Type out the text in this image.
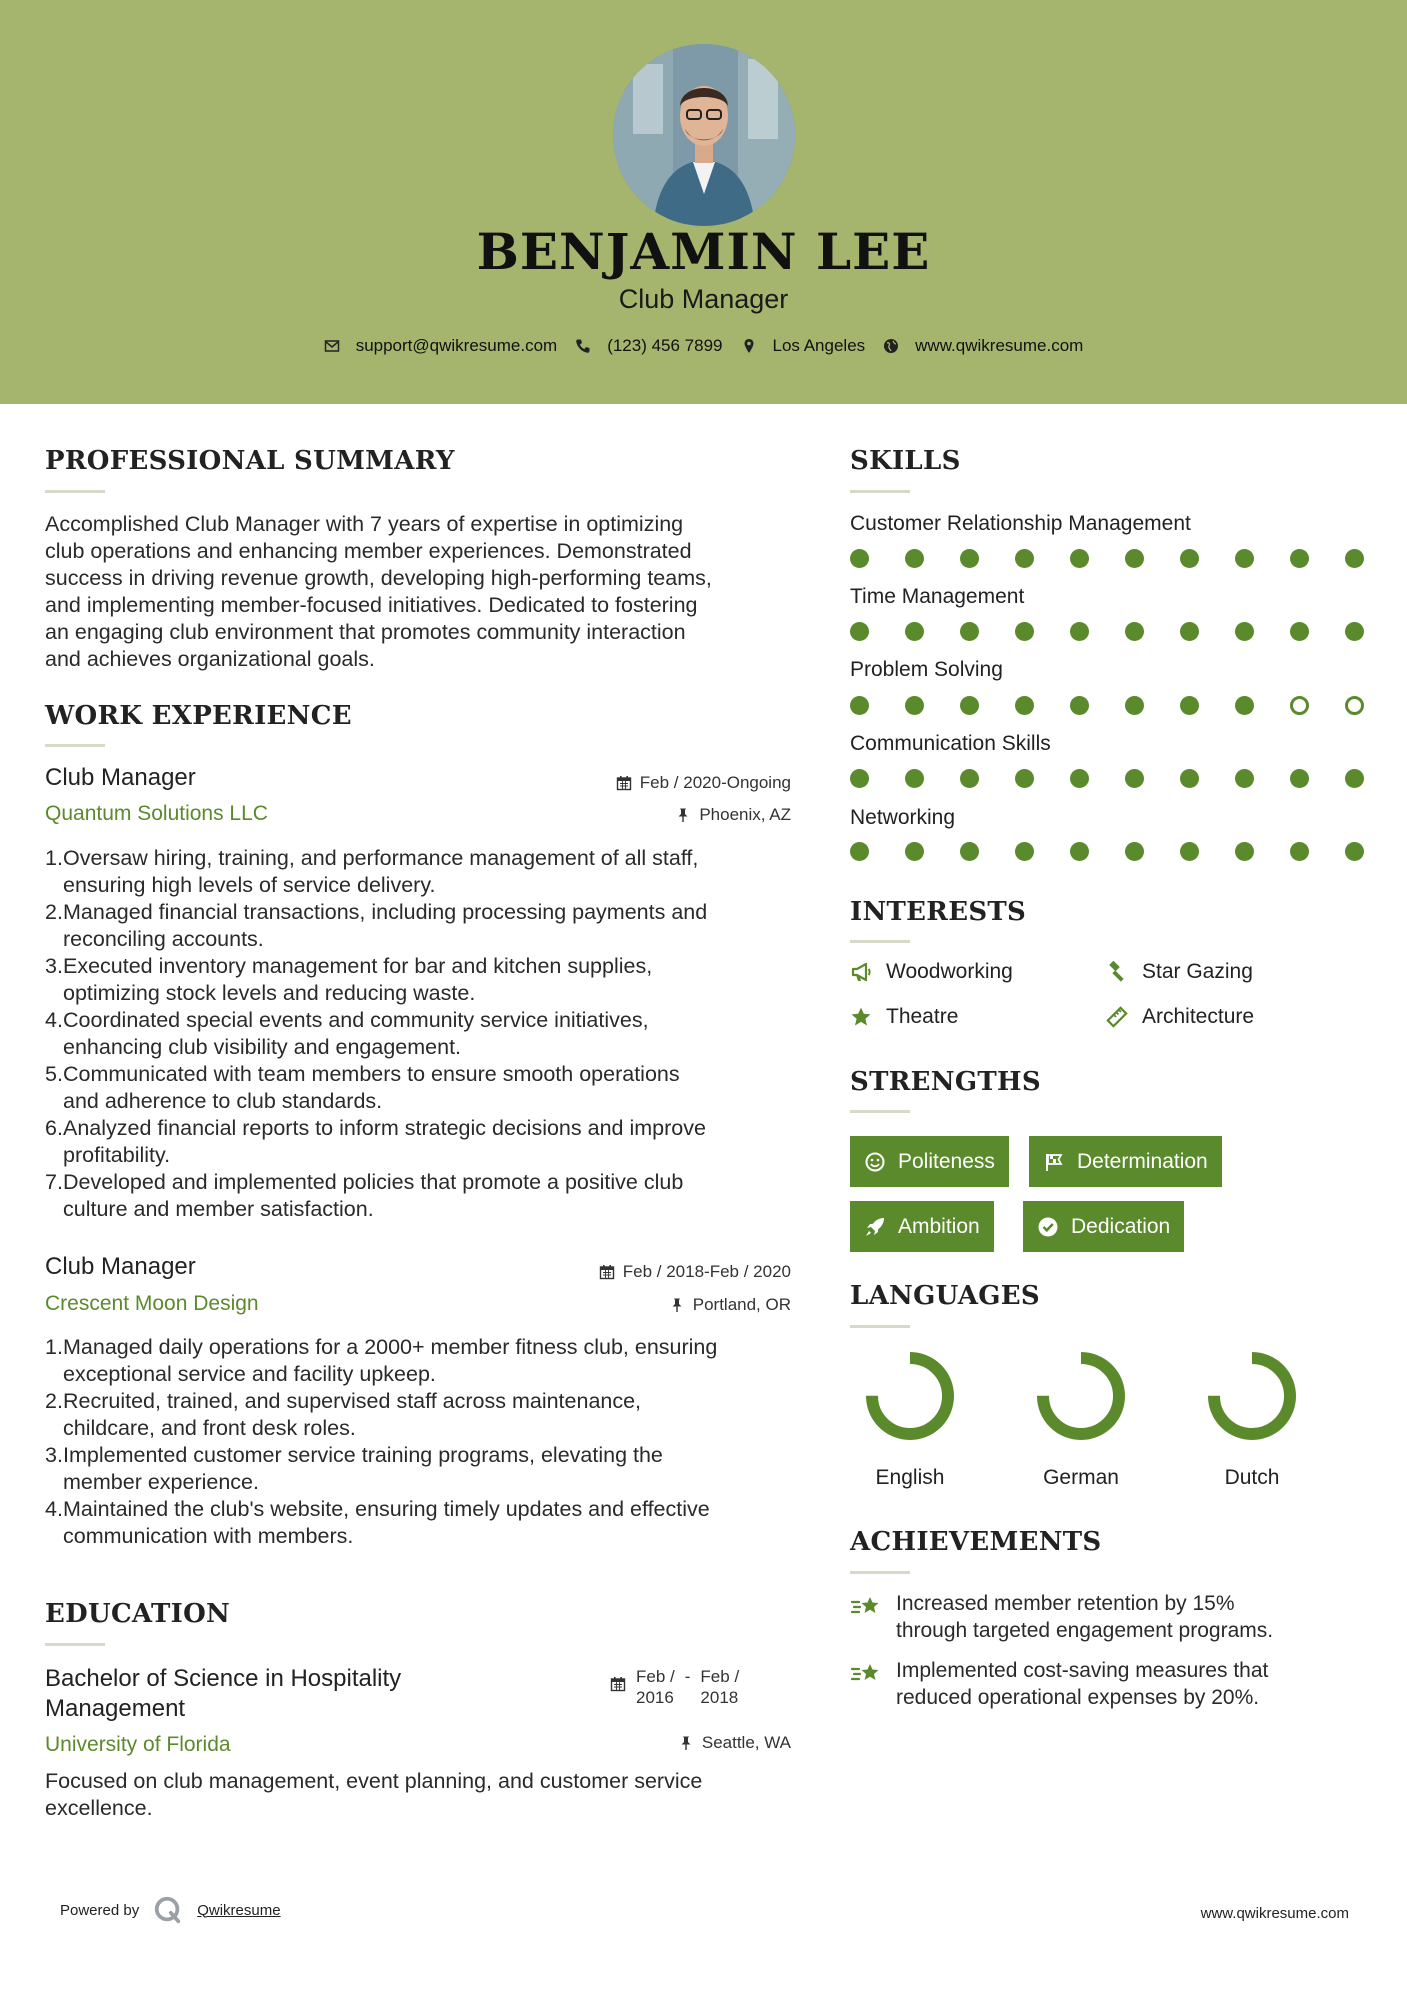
BENJAMIN LEE
Club Manager
support@qwikresume.com	(123) 456 7899	Los Angeles	www.qwikresume.com
PROFESSIONAL SUMMARY
Accomplished Club Manager with 7 years of expertise in optimizing
club operations and enhancing member experiences. Demonstrated
success in driving revenue growth, developing high-performing teams,
and implementing member-focused initiatives. Dedicated to fostering
an engaging club environment that promotes community interaction
and achieves organizational goals.
WORK EXPERIENCE
Club Manager
Quantum Solutions LLC
Feb / 2020-Ongoing
Phoenix, AZ
1. Oversaw hiring, training, and performance management of all staff,
ensuring high levels of service delivery.
2. Managed financial transactions, including processing payments and
reconciling accounts.
3. Executed inventory management for bar and kitchen supplies,
optimizing stock levels and reducing waste.
4. Coordinated special events and community service initiatives,
enhancing club visibility and engagement.
5. Communicated with team members to ensure smooth operations
and adherence to club standards.
6. Analyzed financial reports to inform strategic decisions and improve
profitability.
7. Developed and implemented policies that promote a positive club
culture and member satisfaction.
Club Manager
Crescent Moon Design
Feb / 2018-Feb / 2020
Portland, OR
1. Managed daily operations for a 2000+ member fitness club, ensuring
exceptional service and facility upkeep.
2. Recruited, trained, and supervised staff across maintenance,
childcare, and front desk roles.
3. Implemented customer service training programs, elevating the
member experience.
4. Maintained the club's website, ensuring timely updates and effective
communication with members.
EDUCATION
Bachelor of Science in Hospitality
Management
University of Florida
Feb /
2016
- Feb /
2018
Seattle, WA
Focused on club management, event planning, and customer service
excellence.
SKILLS
Customer Relationship Management
Time Management
Problem Solving
Communication Skills
Networking
INTERESTS
Woodworking	Star Gazing
Theatre	Architecture
STRENGTHS
Politeness	Determination
Ambition	Dedication
LANGUAGES
English	German	Dutch
ACHIEVEMENTS
Increased member retention by 15%
through targeted engagement programs.
Implemented cost-saving measures that
reduced operational expenses by 20%.
Powered by	Qwikresume	www.qwikresume.com
